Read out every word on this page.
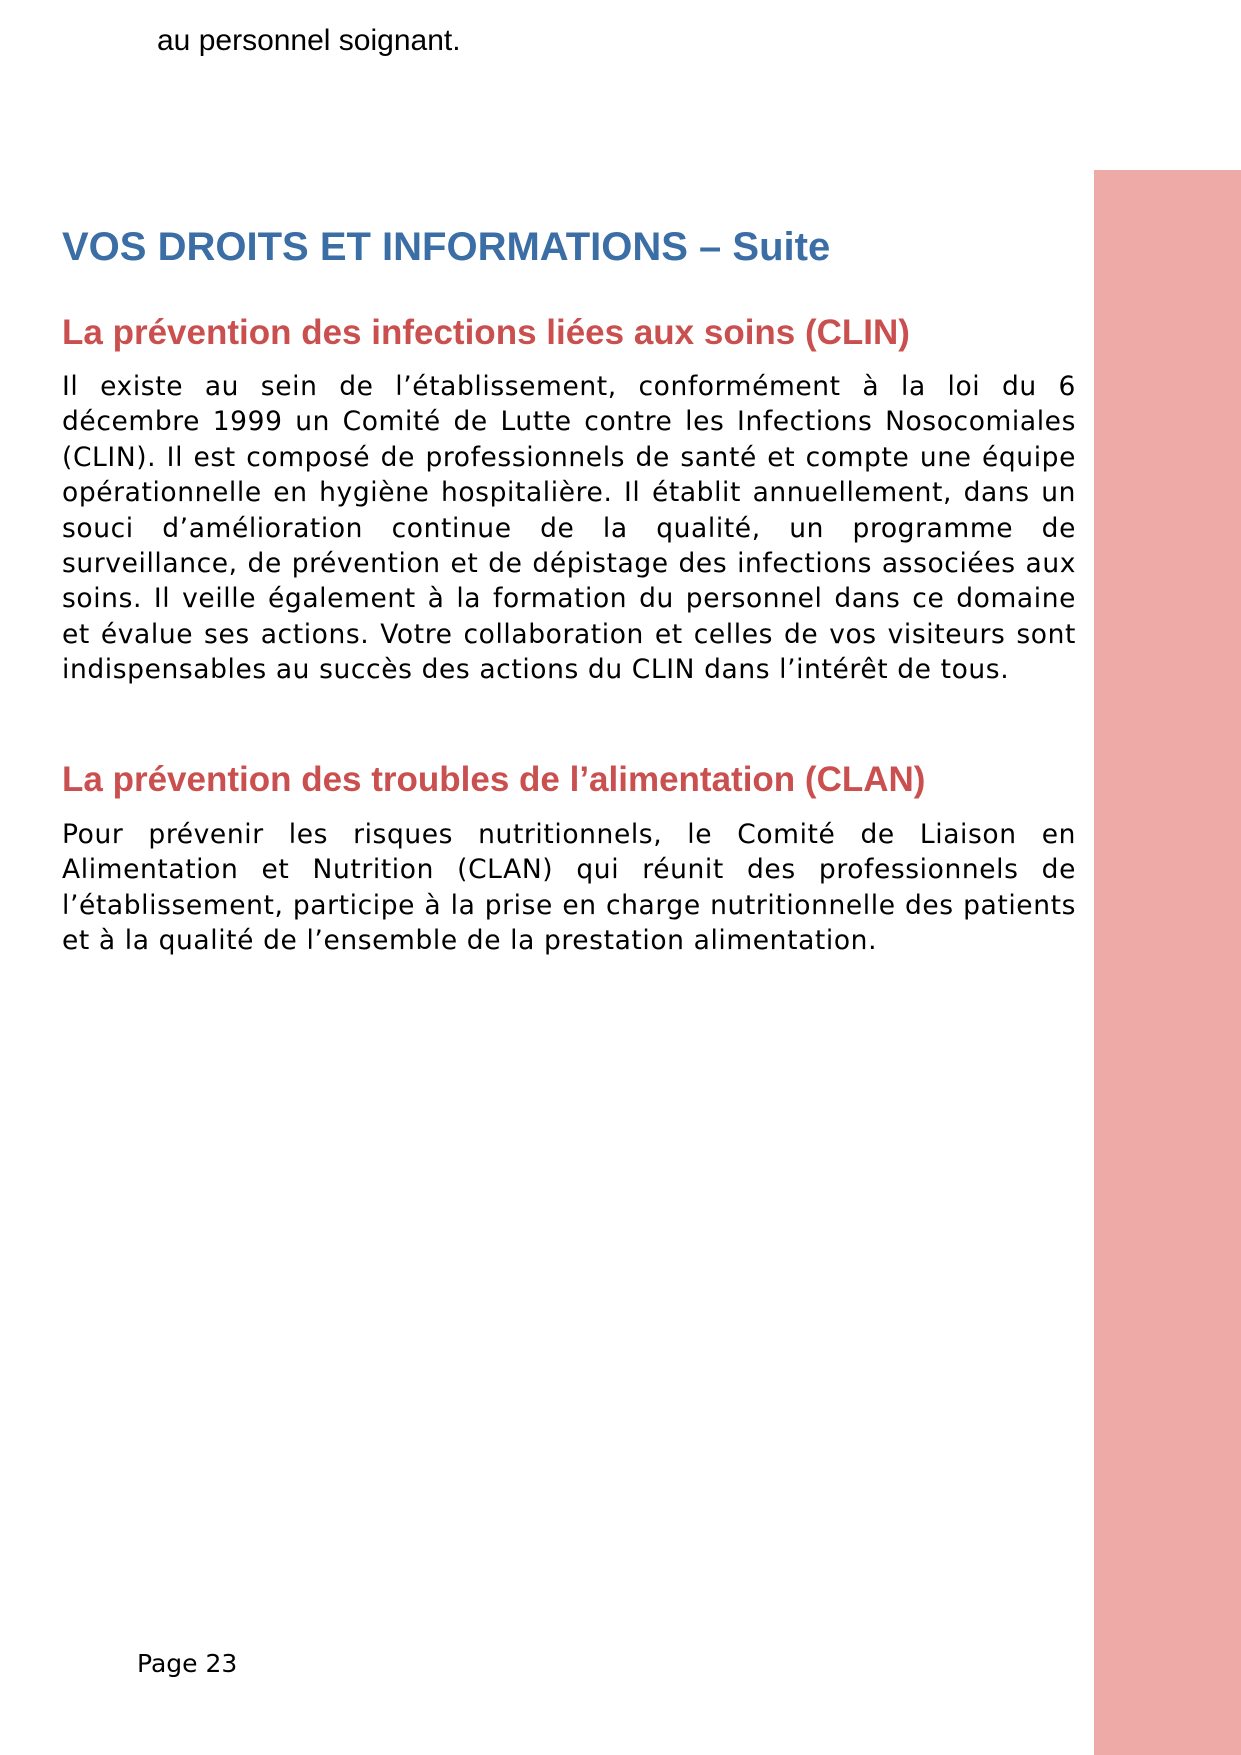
au personnel soignant.
VOS DROITS ET INFORMATIONS – Suite
La prévention des infections liées aux soins (CLIN)

Il existe au sein de l’établissement, conformément à la loi du 6 décembre 1999 un Comité de Lutte contre les Infections Nosocomiales (CLIN). Il est composé de professionnels de santé et compte une équipe opérationnelle en hygiène hospitalière. Il établit annuellement, dans un souci d’amélioration continue de la qualité, un programme de surveillance, de prévention et de dépistage des infections associées aux soins. Il veille également à la formation du personnel dans ce domaine et évalue ses actions. Votre collaboration et celles de vos visiteurs sont indispensables au succès des actions du CLIN dans l’intérêt de tous.

La prévention des troubles de l’alimentation (CLAN)

Pour prévenir les risques nutritionnels, le Comité de Liaison en Alimentation et Nutrition (CLAN) qui réunit des professionnels de l’établissement, participe à la prise en charge nutritionnelle des patients et à la qualité de l’ensemble de la prestation alimentation.

Page 23
